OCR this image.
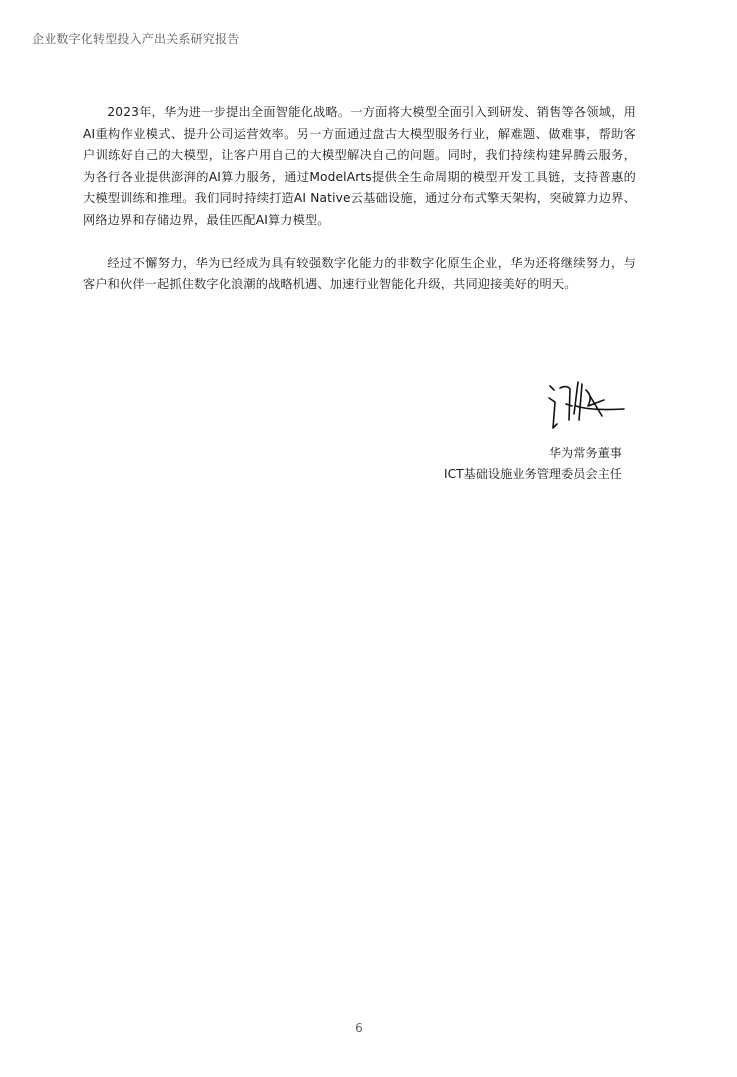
企业数字化转型投入产出关系研究报告

2023年，华为进一步提出全面智能化战略。一方面将大模型全面引入到研发、销售等各领域，用AI重构作业模式、提升公司运营效率。另一方面通过盘古大模型服务行业，解难题、做难事，帮助客户训练好自己的大模型，让客户用自己的大模型解决自己的问题。同时，我们持续构建昇腾云服务，为各行各业提供澎湃的AI算力服务，通过ModelArts提供全生命周期的模型开发工具链，支持普惠的大模型训练和推理。我们同时持续打造AI Native云基础设施，通过分布式擎天架构，突破算力边界、网络边界和存储边界，最佳匹配AI算力模型。

经过不懈努力，华为已经成为具有较强数字化能力的非数字化原生企业，华为还将继续努力，与客户和伙伴一起抓住数字化浪潮的战略机遇、加速行业智能化升级，共同迎接美好的明天。

华为常务董事
ICT基础设施业务管理委员会主任
6
